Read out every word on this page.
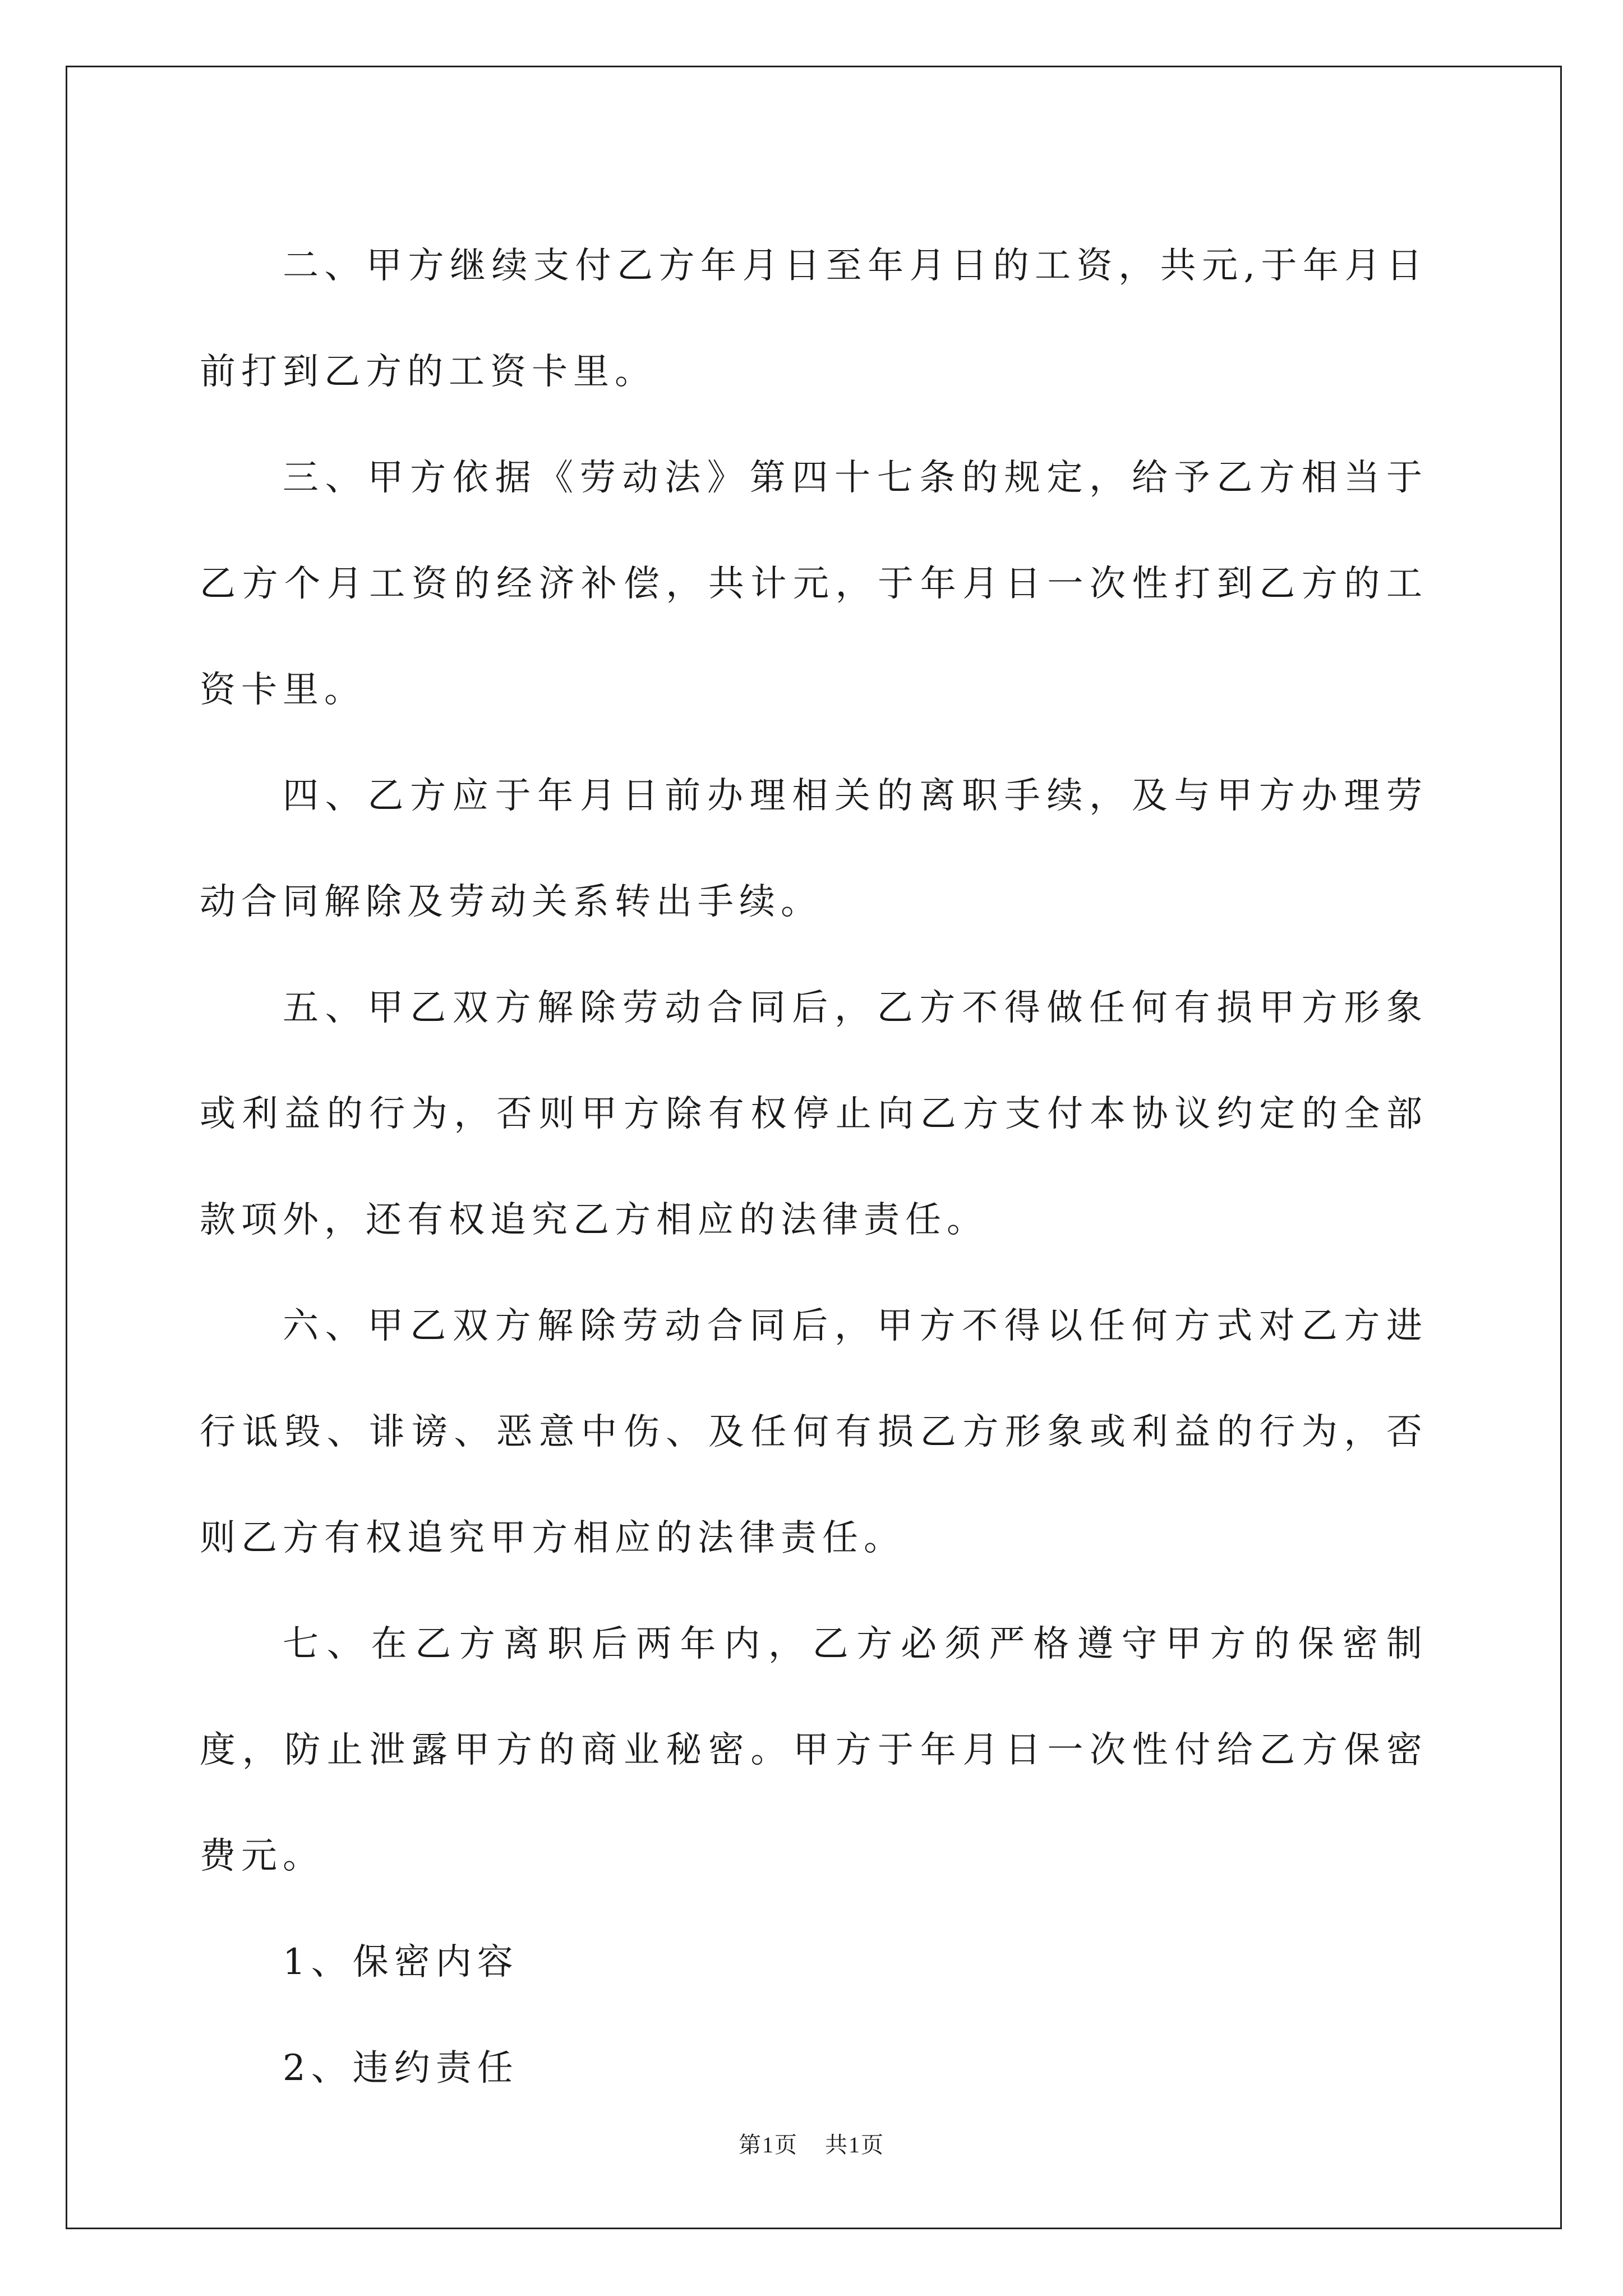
二、甲方继续支付乙方年月日至年月日的工资，共元,于年月日前打到乙方的工资卡里。

三、甲方依据《劳动法》第四十七条的规定，给予乙方相当于乙方个月工资的经济补偿，共计元，于年月日一次性打到乙方的工资卡里。

四、乙方应于年月日前办理相关的离职手续，及与甲方办理劳动合同解除及劳动关系转出手续。

五、甲乙双方解除劳动合同后，乙方不得做任何有损甲方形象或利益的行为，否则甲方除有权停止向乙方支付本协议约定的全部款项外，还有权追究乙方相应的法律责任。

六、甲乙双方解除劳动合同后，甲方不得以任何方式对乙方进行诋毁、诽谤、恶意中伤、及任何有损乙方形象或利益的行为，否则乙方有权追究甲方相应的法律责任。

七、在乙方离职后两年内，乙方必须严格遵守甲方的保密制度，防止泄露甲方的商业秘密。甲方于年月日一次性付给乙方保密费元。

1、保密内容

2、违约责任

第1页 共1页
